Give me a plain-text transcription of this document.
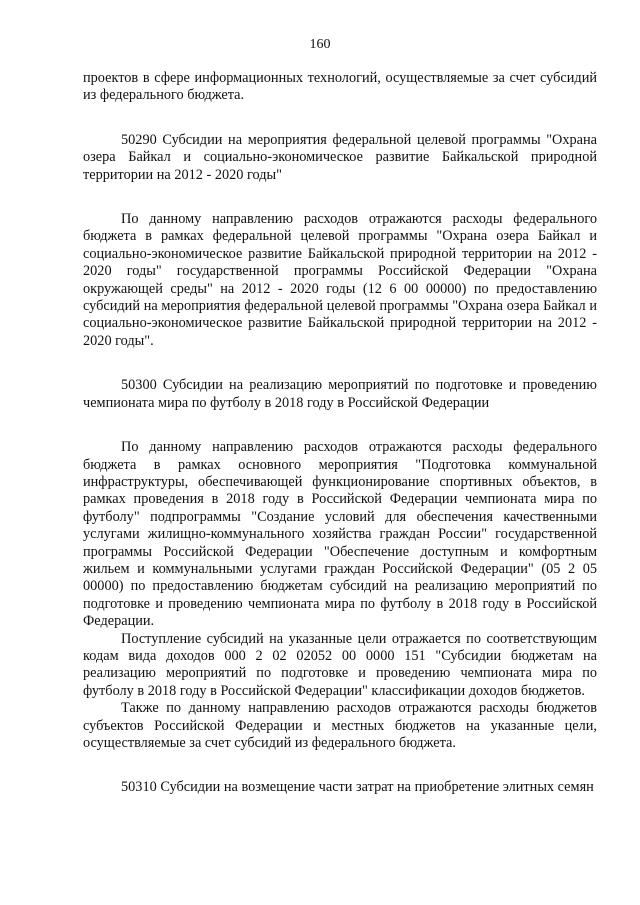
160

проектов в сфере информационных технологий, осуществляемые за счет субсидий из федерального бюджета.

50290 Субсидии на мероприятия федеральной целевой программы "Охрана озера Байкал и социально-экономическое развитие Байкальской природной территории на 2012 - 2020 годы"

По данному направлению расходов отражаются расходы федерального бюджета в рамках федеральной целевой программы "Охрана озера Байкал и социально-экономическое развитие Байкальской природной территории на 2012 - 2020 годы" государственной программы Российской Федерации "Охрана окружающей среды" на 2012 - 2020 годы (12 6 00 00000) по предоставлению субсидий на мероприятия федеральной целевой программы "Охрана озера Байкал и социально-экономическое развитие Байкальской природной территории на 2012 - 2020 годы".

50300 Субсидии на реализацию мероприятий по подготовке и проведению чемпионата мира по футболу в 2018 году в Российской Федерации

По данному направлению расходов отражаются расходы федерального бюджета в рамках основного мероприятия "Подготовка коммунальной инфраструктуры, обеспечивающей функционирование спортивных объектов, в рамках проведения в 2018 году в Российской Федерации чемпионата мира по футболу" подпрограммы "Создание условий для обеспечения качественными услугами жилищно-коммунального хозяйства граждан России" государственной программы Российской Федерации "Обеспечение доступным и комфортным жильем и коммунальными услугами граждан Российской Федерации" (05 2 05 00000) по предоставлению бюджетам субсидий на реализацию мероприятий по подготовке и проведению чемпионата мира по футболу в 2018 году в Российской Федерации.

Поступление субсидий на указанные цели отражается по соответствующим кодам вида доходов 000 2 02 02052 00 0000 151 "Субсидии бюджетам на реализацию мероприятий по подготовке и проведению чемпионата мира по футболу в 2018 году в Российской Федерации" классификации доходов бюджетов.

Также по данному направлению расходов отражаются расходы бюджетов субъектов Российской Федерации и местных бюджетов на указанные цели, осуществляемые за счет субсидий из федерального бюджета.

50310 Субсидии на возмещение части затрат на приобретение элитных семян
